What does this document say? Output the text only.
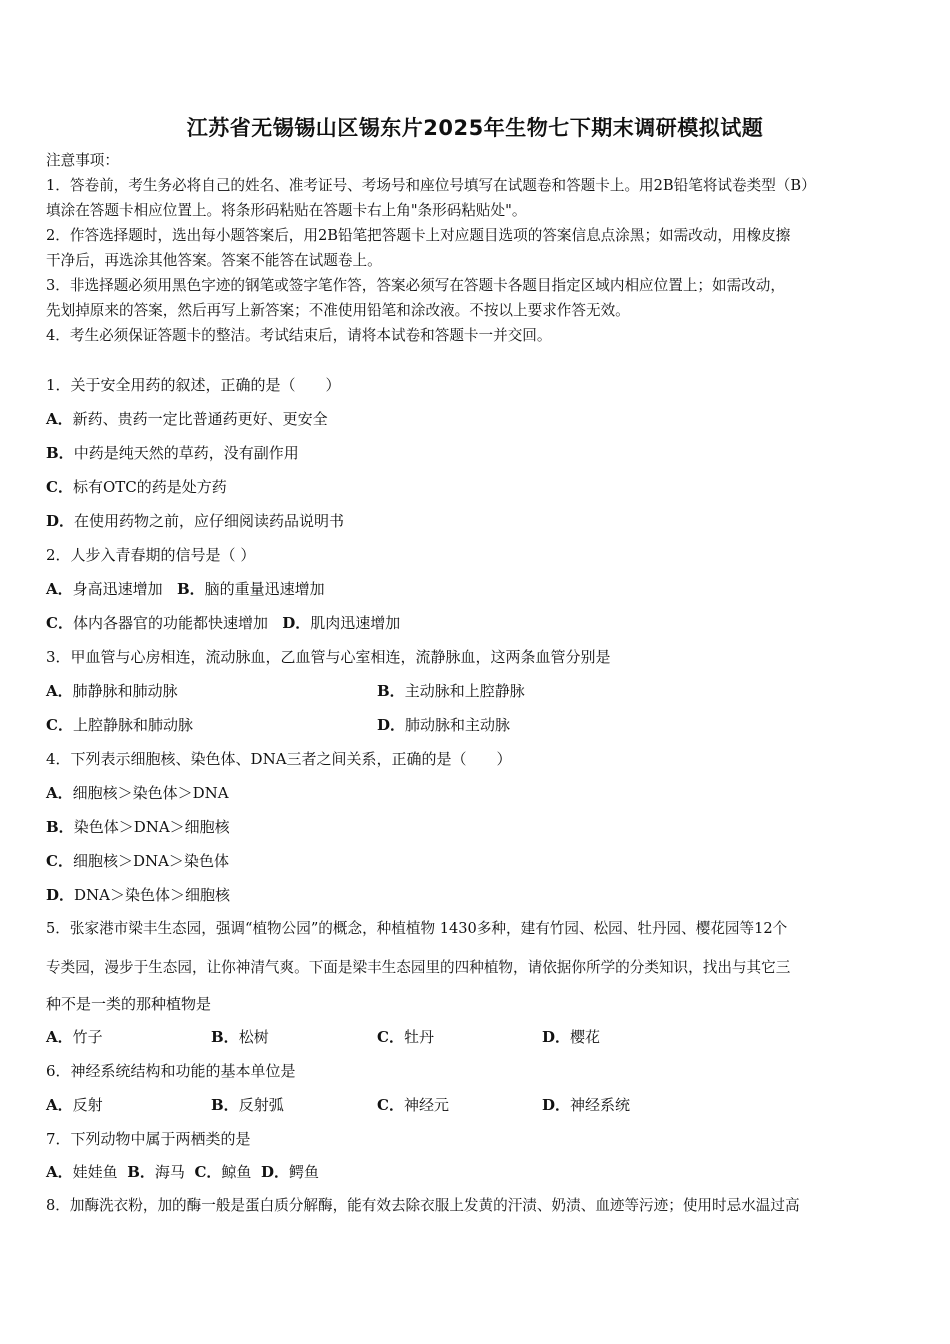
江苏省无锡锡山区锡东片2025年生物七下期末调研模拟试题
注意事项：
1．答卷前，考生务必将自己的姓名、准考证号、考场号和座位号填写在试题卷和答题卡上。用2B铅笔将试卷类型（B）
填涂在答题卡相应位置上。将条形码粘贴在答题卡右上角"条形码粘贴处"。
2．作答选择题时，选出每小题答案后，用2B铅笔把答题卡上对应题目选项的答案信息点涂黑；如需改动，用橡皮擦
干净后，再选涂其他答案。答案不能答在试题卷上。
3．非选择题必须用黑色字迹的钢笔或签字笔作答，答案必须写在答题卡各题目指定区域内相应位置上；如需改动，
先划掉原来的答案，然后再写上新答案；不准使用铅笔和涂改液。不按以上要求作答无效。
4．考生必须保证答题卡的整洁。考试结束后，请将本试卷和答题卡一并交回。
1．关于安全用药的叙述，正确的是（　　）
A．新药、贵药一定比普通药更好、更安全
B．中药是纯天然的草药，没有副作用
C．标有OTC的药是处方药
D．在使用药物之前，应仔细阅读药品说明书
2．人步入青春期的信号是（ ）
A．身高迅速增加 B．脑的重量迅速增加
C．体内各器官的功能都快速增加 D．肌肉迅速增加
3．甲血管与心房相连，流动脉血，乙血管与心室相连，流静脉血，这两条血管分别是
A．肺静脉和肺动脉	B．主动脉和上腔静脉
C．上腔静脉和肺动脉	D．肺动脉和主动脉
4．下列表示细胞核、染色体、DNA三者之间关系，正确的是（　　）
A．细胞核＞染色体＞DNA
B．染色体＞DNA＞细胞核
C．细胞核＞DNA＞染色体
D．DNA＞染色体＞细胞核
5．张家港市梁丰生态园，强调“植物公园”的概念，种植植物 1430多种，建有竹园、松园、牡丹园、樱花园等12个
专类园，漫步于生态园，让你神清气爽。下面是梁丰生态园里的四种植物，请依据你所学的分类知识，找出与其它三
种不是一类的那种植物是
A．竹子	B．松树	C．牡丹	D．樱花
6．神经系统结构和功能的基本单位是
A．反射	B．反射弧	C．神经元	D．神经系统
7．下列动物中属于两栖类的是
A．娃娃鱼 B．海马 C．鲸鱼 D．鳄鱼
8．加酶洗衣粉，加的酶一般是蛋白质分解酶，能有效去除衣服上发黄的汗渍、奶渍、血迹等污迹；使用时忌水温过高
